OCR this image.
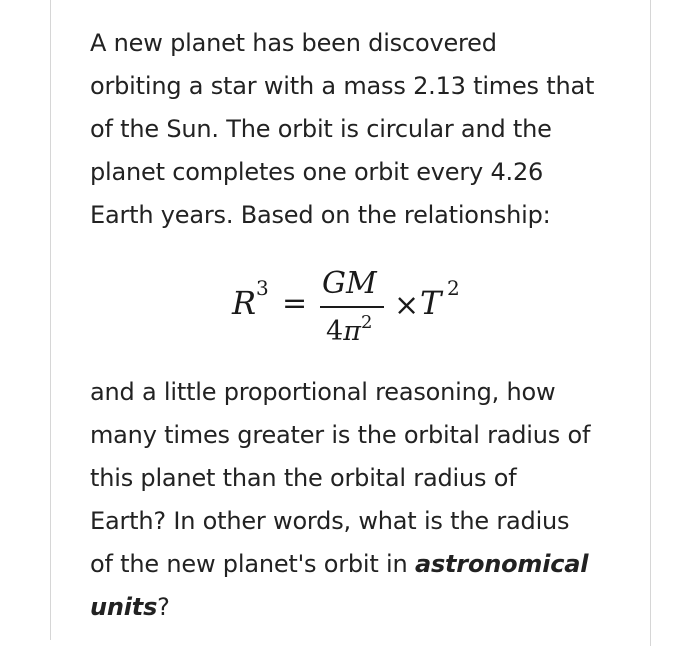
A new planet has been discovered

orbiting a star with a mass 2.13 times that

of the Sun. The orbit is circular and the

planet completes one orbit every 4.26

Earth years. Based on the relationship:

R 3 =
GM
$4\pi^2 \times T$ 2

and a little proportional reasoning, how

many times greater is the orbital radius of

this planet than the orbital radius of

Earth? In other words, what is the radius

of the new planet's orbit in astronomical

units?
